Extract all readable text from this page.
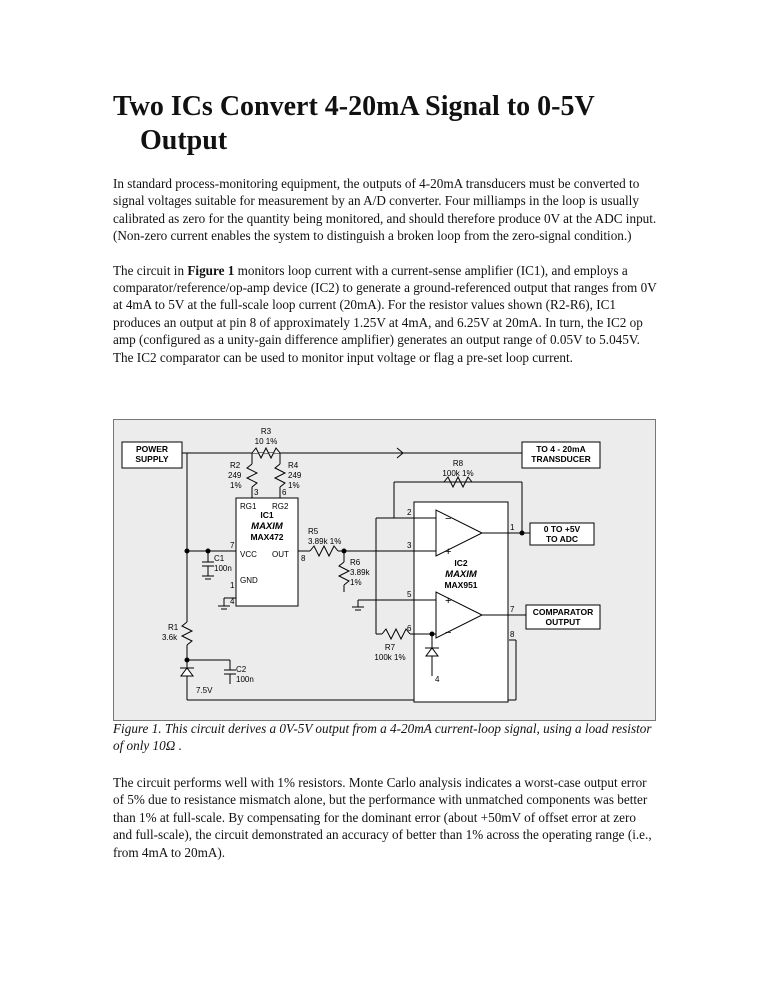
Two ICs Convert 4-20mA Signal to 0-5V Output

In standard process-monitoring equipment, the outputs of 4-20mA transducers must be converted to signal voltages suitable for measurement by an A/D converter. Four milliamps in the loop is usually calibrated as zero for the quantity being monitored, and should therefore produce 0V at the ADC input. (Non-zero current enables the system to distinguish a broken loop from the zero-signal condition.)

The circuit in Figure 1 monitors loop current with a current-sense amplifier (IC1), and employs a comparator/reference/op-amp device (IC2) to generate a ground-referenced output that ranges from 0V at 4mA to 5V at the full-scale loop current (20mA). For the resistor values shown (R2-R6), IC1 produces an output at pin 8 of approximately 1.25V at 4mA, and 6.25V at 20mA. In turn, the IC2 op amp (configured as a unity-gain difference amplifier) generates an output range of 0.05V to 5.045V. The IC2 comparator can be used to monitor input voltage or flag a pre-set loop current.

POWER
SUPPLY
TO 4 - 20mA
TRANSDUCER
0 TO +5V
TO ADC
COMPARATOR
OUTPUT
IC1
MAXIM
MAX472
IC2
MAXIM
MAX951
R3
10 1%
R2
249
1%
R4
249
1%
R8
100k 1%
R5
3.89k 1%
R6
3.89k
1%
R7
100k 1%
R1
3.6k
C1
100n
C2
100n
7.5V
RG1 RG2
VCC OUT
GND
3	6
7
8
1
4
2
3
5
6
1
7
8
4
−
+
+
−

Figure 1. This circuit derives a 0V-5V output from a 4-20mA current-loop signal, using a load resistor of only 10Ω .

The circuit performs well with 1% resistors. Monte Carlo analysis indicates a worst-case output error of 5% due to resistance mismatch alone, but the performance with unmatched components was better than 1% at full-scale. By compensating for the dominant error (about +50mV of offset error at zero and full-scale), the circuit demonstrated an accuracy of better than 1% across the operating range (i.e., from 4mA to 20mA).
